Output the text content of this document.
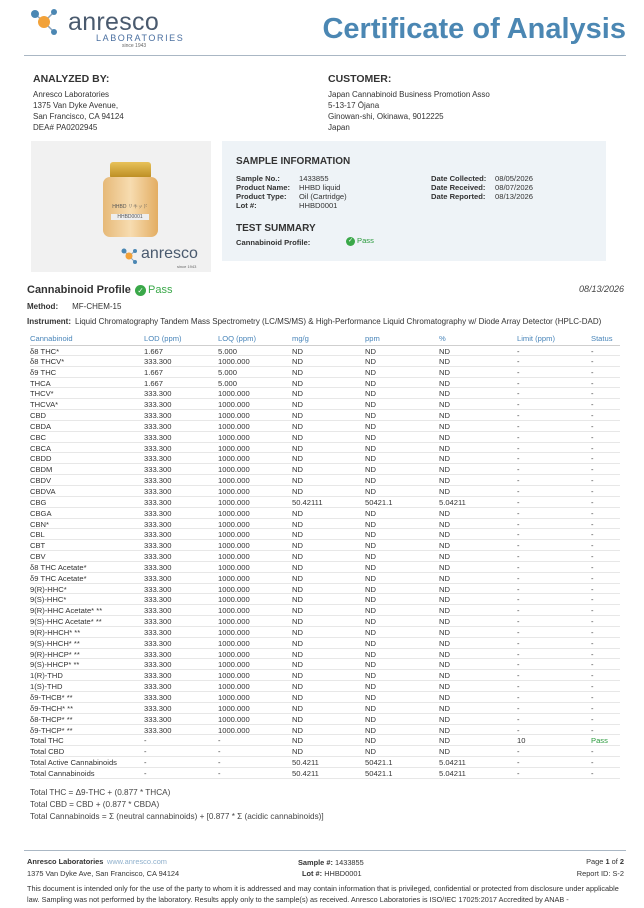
anresco
LABORATORIES
since 1943
Certificate of Analysis
ANALYZED BY:
Anresco Laboratories
1375 Van Dyke Avenue,
San Francisco, CA 94124
DEA# PA0202945
CUSTOMER:
Japan Cannabinoid Business Promotion Asso
5-13-17 Ōjana
Ginowan-shi, Okinawa, 9012225
Japan
HHBD リキッド
HHBD0001
anresco
since 1943
SAMPLE INFORMATION
Sample No.:	1433855
Product Name: HHBD liquid
Product Type: Oil (Cartridge)
Lot #:	HHBD0001
Date Collected: 08/05/2026
Date Received: 08/07/2026
Date Reported: 08/13/2026
TEST SUMMARY
Cannabinoid Profile:	✓ Pass
Cannabinoid Profile ✓ Pass	08/13/2026
Method: MF-CHEM-15
Instrument: Liquid Chromatography Tandem Mass Spectrometry (LC/MS/MS) & High-Performance Liquid Chromatography w/ Diode Array Detector (HPLC-DAD)
Cannabinoid	LOD (ppm)	LOQ (ppm)	mg/g	ppm	%	Limit (ppm)	Status
δ8 THC*	1.667	5.000	ND	ND	ND	-	-
δ8 THCV*	333.300	1000.000	ND	ND	ND	-	-
δ9 THC	1.667	5.000	ND	ND	ND	-	-
THCA	1.667	5.000	ND	ND	ND	-	-
THCV*	333.300	1000.000	ND	ND	ND	-	-
THCVA*	333.300	1000.000	ND	ND	ND	-	-
CBD	333.300	1000.000	ND	ND	ND	-	-
CBDA	333.300	1000.000	ND	ND	ND	-	-
CBC	333.300	1000.000	ND	ND	ND	-	-
CBCA	333.300	1000.000	ND	ND	ND	-	-
CBDD	333.300	1000.000	ND	ND	ND	-	-
CBDM	333.300	1000.000	ND	ND	ND	-	-
CBDV	333.300	1000.000	ND	ND	ND	-	-
CBDVA	333.300	1000.000	ND	ND	ND	-	-
CBG	333.300	1000.000	50.42111	50421.1	5.04211	-	-
CBGA	333.300	1000.000	ND	ND	ND	-	-
CBN*	333.300	1000.000	ND	ND	ND	-	-
CBL	333.300	1000.000	ND	ND	ND	-	-
CBT	333.300	1000.000	ND	ND	ND	-	-
CBV	333.300	1000.000	ND	ND	ND	-	-
δ8 THC Acetate*	333.300	1000.000	ND	ND	ND	-	-
δ9 THC Acetate*	333.300	1000.000	ND	ND	ND	-	-
9(R)-HHC*	333.300	1000.000	ND	ND	ND	-	-
9(S)-HHC*	333.300	1000.000	ND	ND	ND	-	-
9(R)-HHC Acetate* **	333.300	1000.000	ND	ND	ND	-	-
9(S)-HHC Acetate* **	333.300	1000.000	ND	ND	ND	-	-
9(R)-HHCH* **	333.300	1000.000	ND	ND	ND	-	-
9(S)-HHCH* **	333.300	1000.000	ND	ND	ND	-	-
9(R)-HHCP* **	333.300	1000.000	ND	ND	ND	-	-
9(S)-HHCP* **	333.300	1000.000	ND	ND	ND	-	-
1(R)-THD	333.300	1000.000	ND	ND	ND	-	-
1(S)-THD	333.300	1000.000	ND	ND	ND	-	-
δ9-THCB* **	333.300	1000.000	ND	ND	ND	-	-
δ9-THCH* **	333.300	1000.000	ND	ND	ND	-	-
δ8-THCP* **	333.300	1000.000	ND	ND	ND	-	-
δ9-THCP* **	333.300	1000.000	ND	ND	ND	-	-
Total THC	-	-	ND	ND	ND	10	Pass
Total CBD	-	-	ND	ND	ND	-	-
Total Active Cannabinoids	-	-	50.4211	50421.1	5.04211	-	-
Total Cannabinoids	-	-	50.4211	50421.1	5.04211	-	-
Total THC = Δ9-THC + (0.877 * THCA)
Total CBD = CBD + (0.877 * CBDA)
Total Cannabinoids = Σ (neutral cannabinoids) + [0.877 * Σ (acidic cannabinoids)]
Anresco Laboratories www.anresco.com
1375 Van Dyke Ave, San Francisco, CA 94124
Sample #: 1433855
Lot #: HHBD0001
Page 1 of 2
Report ID: S-2
This document is intended only for the use of the party to whom it is addressed and may contain information that is privileged, confidential or protected from disclosure under applicable law. Sampling was not performed by the laboratory. Results apply only to the sample(s) as received. Anresco Laboratories is ISO/IEC 17025:2017 Accredited by ANAB -
